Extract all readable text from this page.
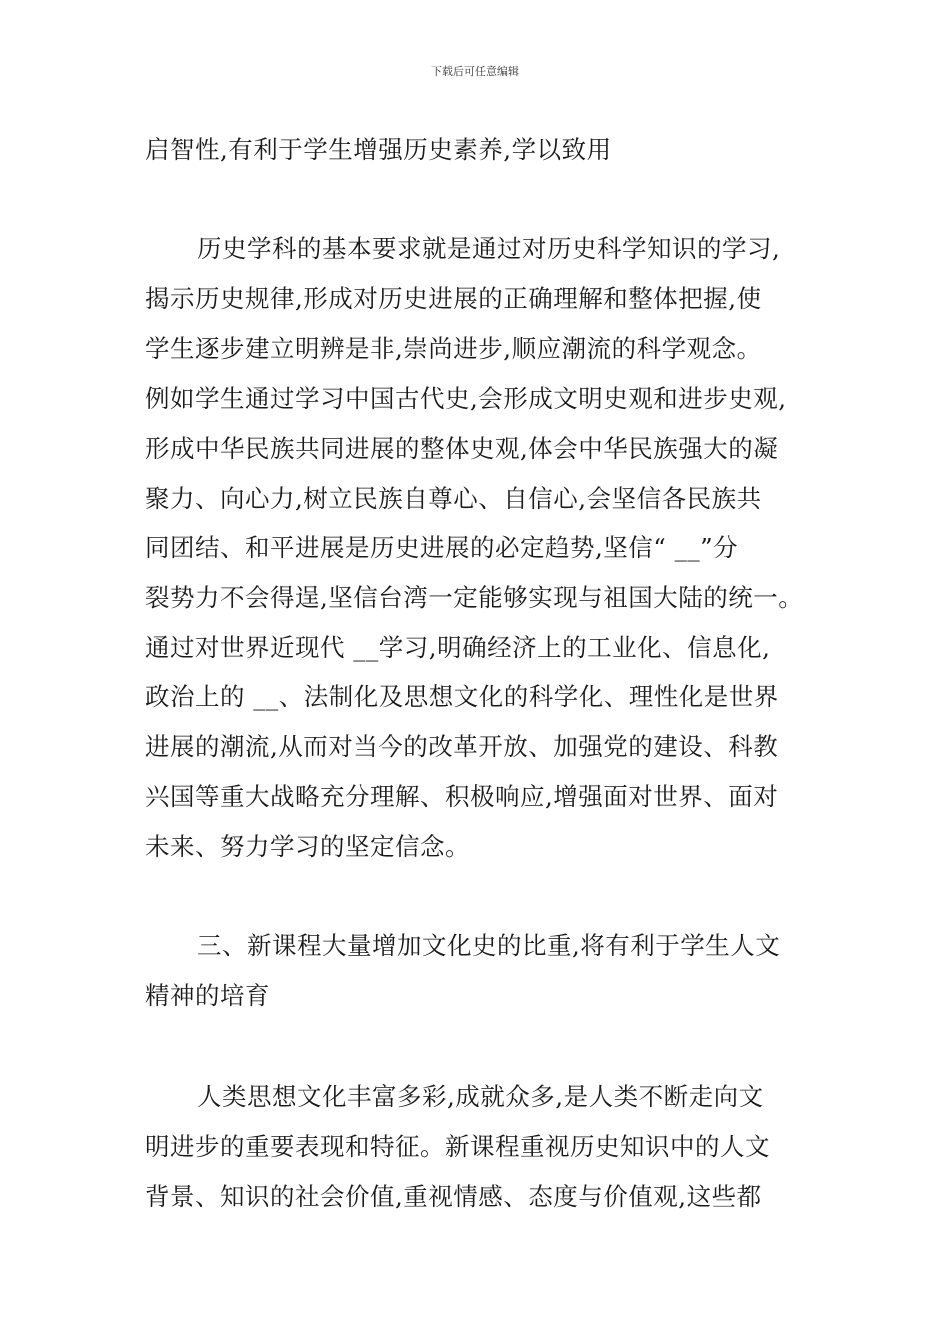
下载后可任意编辑
启智性,有利于学生增强历史素养,学以致用
历史学科的基本要求就是通过对历史科学知识的学习,
揭示历史规律,形成对历史进展的正确理解和整体把握,使
学生逐步建立明辨是非,崇尚进步,顺应潮流的科学观念。
例如学生通过学习中国古代史,会形成文明史观和进步史观,
形成中华民族共同进展的整体史观,体会中华民族强大的凝
聚力、向心力,树立民族自尊心、自信心,会坚信各民族共
同团结、和平进展是历史进展的必定趋势,坚信“ __”分
裂势力不会得逞,坚信台湾一定能够实现与祖国大陆的统一。
通过对世界近现代 __学习,明确经济上的工业化、信息化,
政治上的 __、法制化及思想文化的科学化、理性化是世界
进展的潮流,从而对当今的改革开放、加强党的建设、科教
兴国等重大战略充分理解、积极响应,增强面对世界、面对
未来、努力学习的坚定信念。
三、新课程大量增加文化史的比重,将有利于学生人文
精神的培育
人类思想文化丰富多彩,成就众多,是人类不断走向文
明进步的重要表现和特征。新课程重视历史知识中的人文
背景、知识的社会价值,重视情感、态度与价值观,这些都
